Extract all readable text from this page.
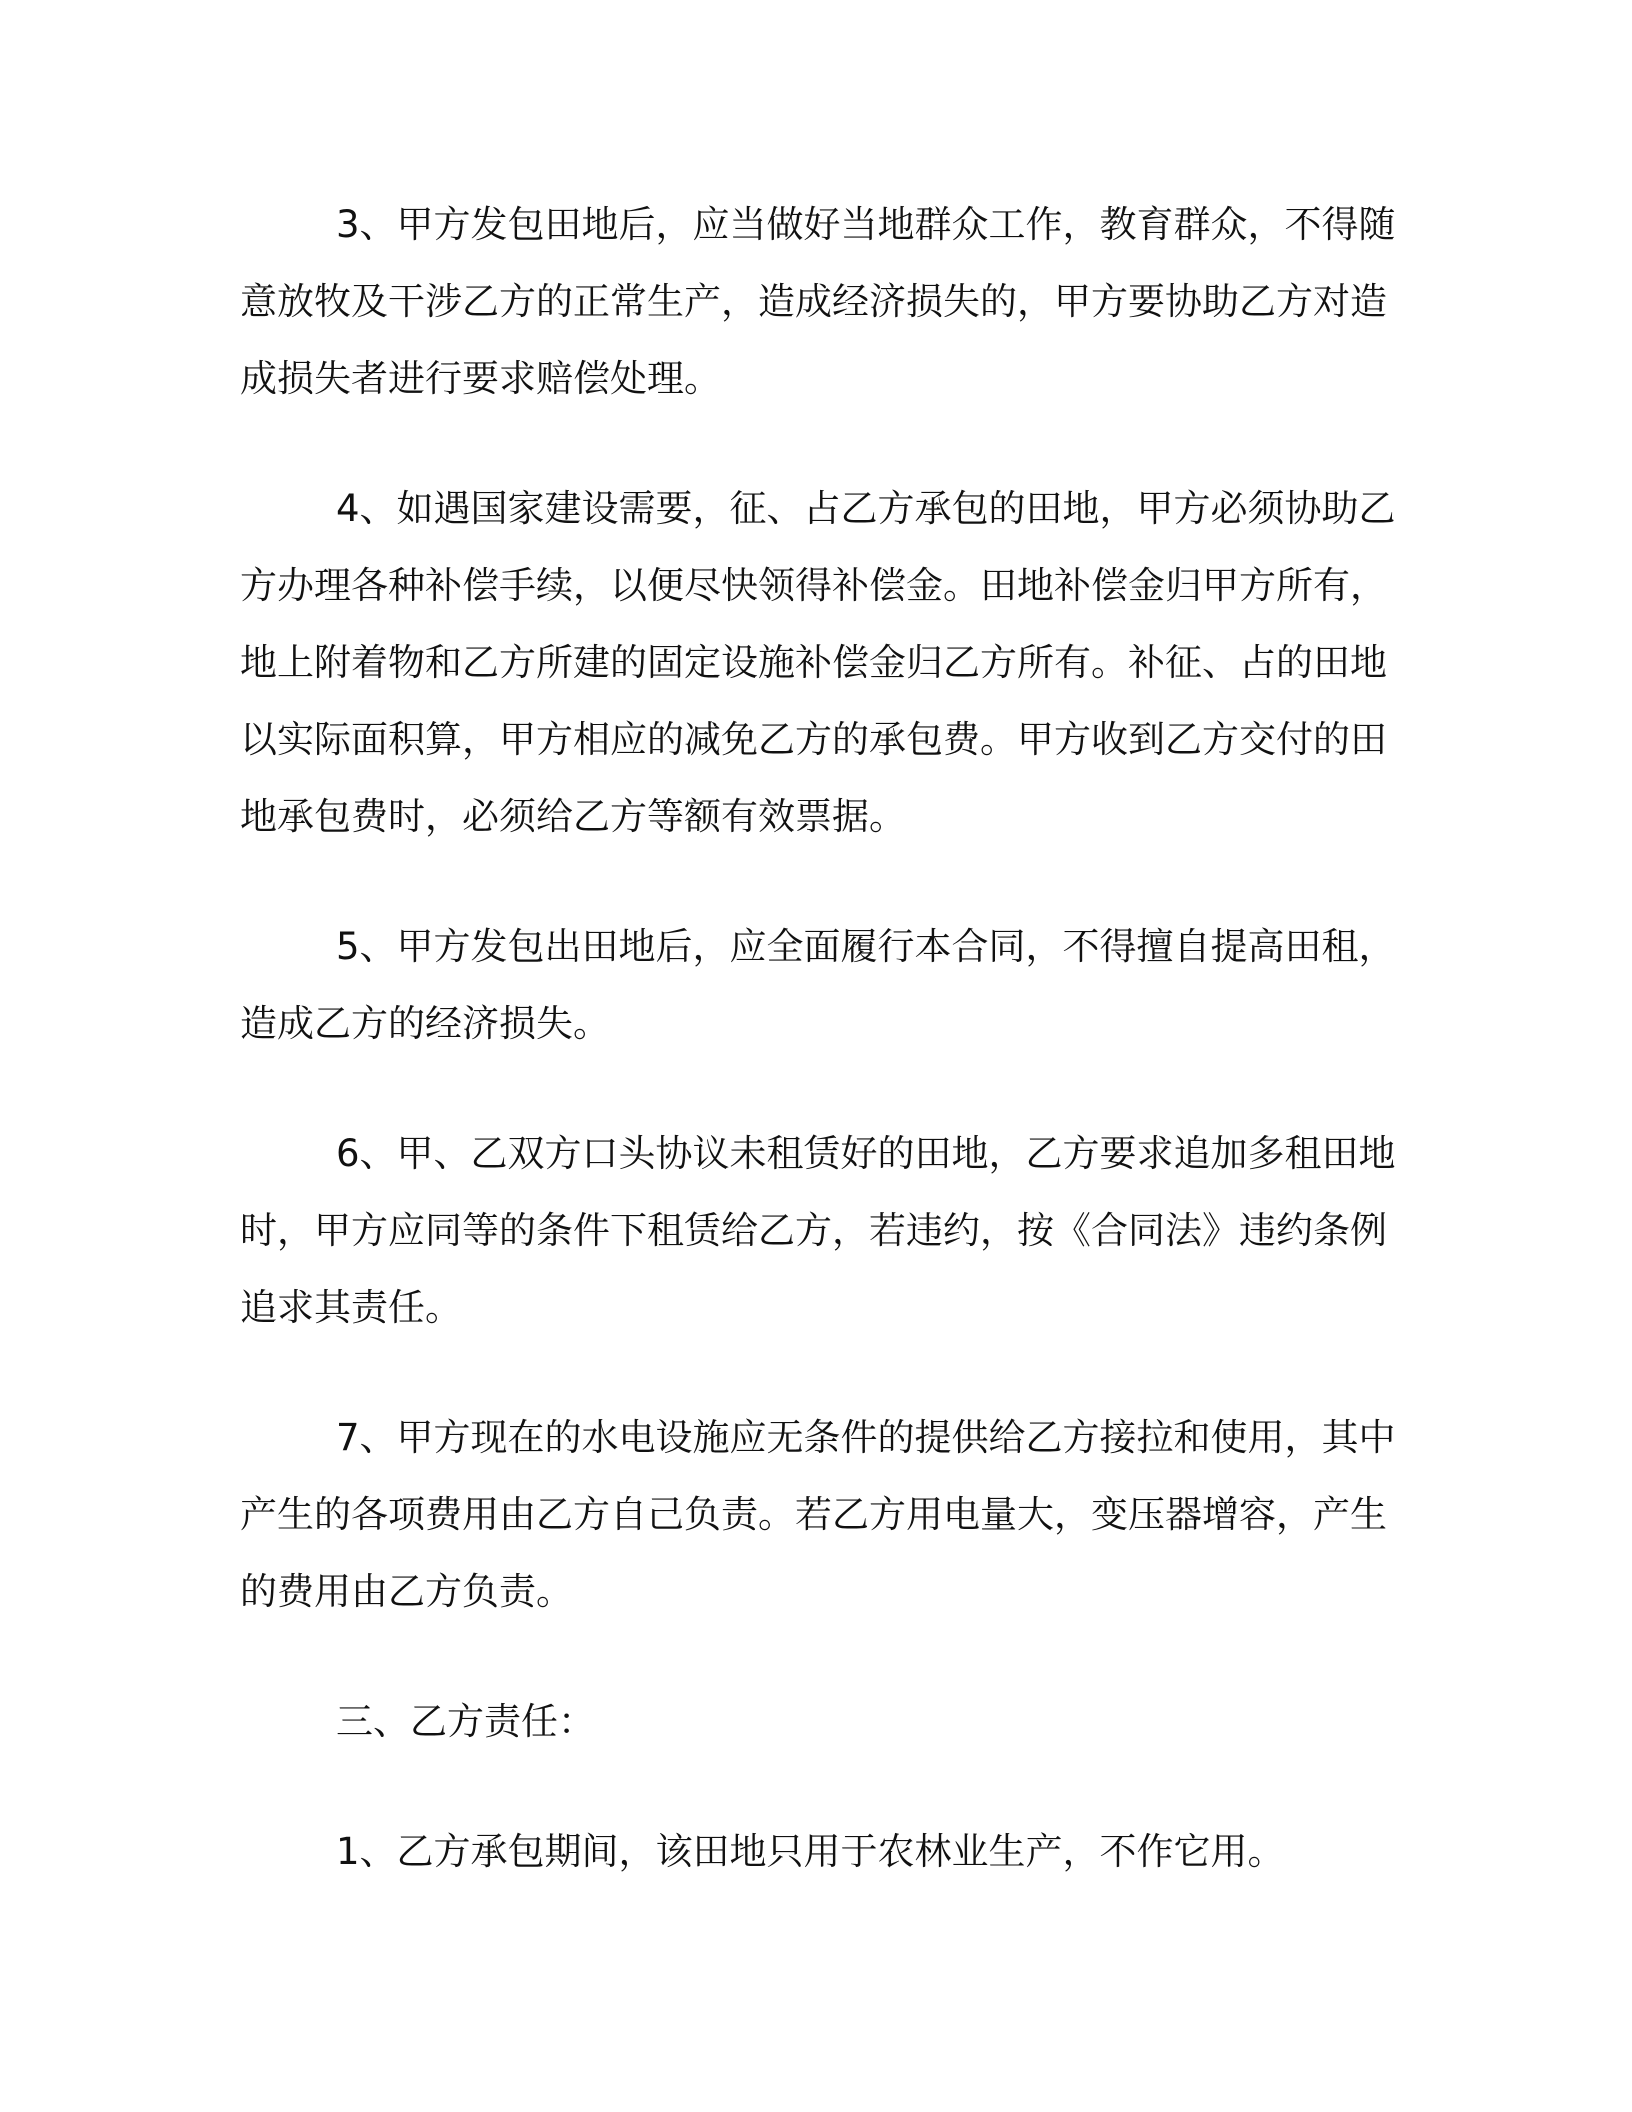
3、甲方发包田地后，应当做好当地群众工作，教育群众，不得随意放牧及干涉乙方的正常生产，造成经济损失的，甲方要协助乙方对造成损失者进行要求赔偿处理。

4、如遇国家建设需要，征、占乙方承包的田地，甲方必须协助乙方办理各种补偿手续，以便尽快领得补偿金。田地补偿金归甲方所有，地上附着物和乙方所建的固定设施补偿金归乙方所有。补征、占的田地以实际面积算，甲方相应的减免乙方的承包费。甲方收到乙方交付的田地承包费时，必须给乙方等额有效票据。

5、甲方发包出田地后，应全面履行本合同，不得擅自提高田租，造成乙方的经济损失。

6、甲、乙双方口头协议未租赁好的田地，乙方要求追加多租田地时，甲方应同等的条件下租赁给乙方，若违约，按《合同法》违约条例追求其责任。

7、甲方现在的水电设施应无条件的提供给乙方接拉和使用，其中产生的各项费用由乙方自己负责。若乙方用电量大，变压器增容，产生的费用由乙方负责。

三、乙方责任：

1、乙方承包期间，该田地只用于农林业生产，不作它用。
